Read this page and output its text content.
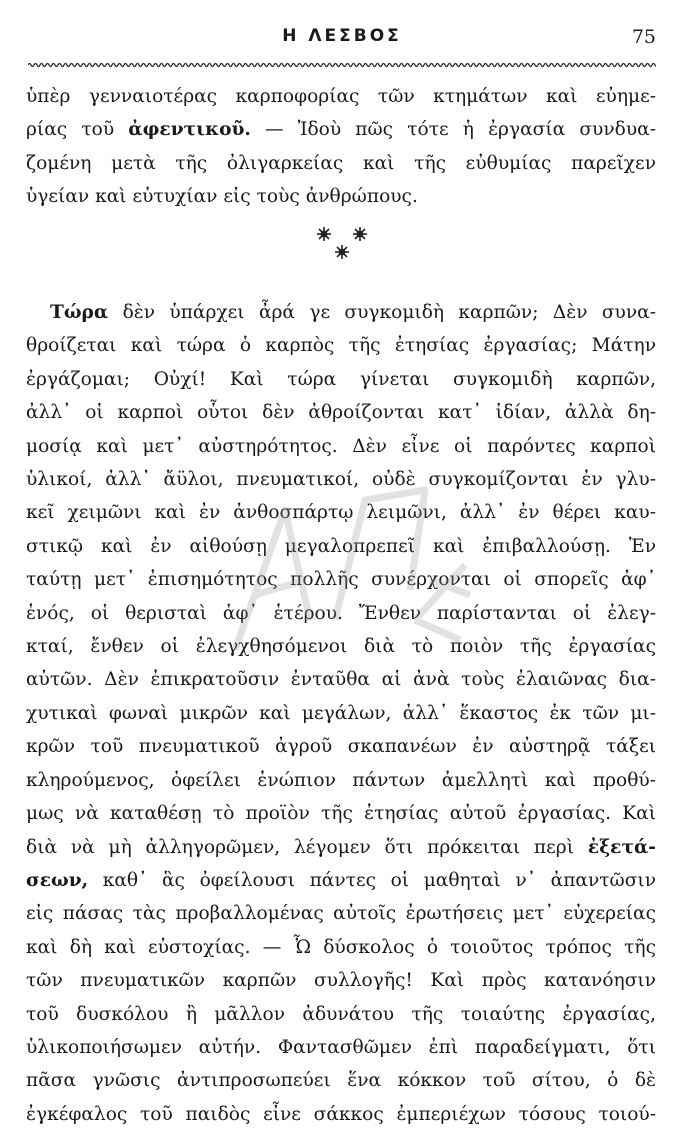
Η ΛΕΣΒΟΣ	75

ὑπὲρ γενναιοτέρας καρποφορίας τῶν κτημάτων καὶ εὐημε-
ρίας τοῦ ἀφεντικοῦ. — Ἰδοὺ πῶς τότε ἡ ἐργασία συνδυα-
ζομένη μετὰ τῆς ὀλιγαρκείας καὶ τῆς εὐθυμίας παρεῖχεν
ὑγείαν καὶ εὐτυχίαν εἰς τοὺς ἀνθρώπους.

Τώρα δὲν ὑπάρχει ἆρά γε συγκομιδὴ καρπῶν; Δὲν συνα-
θροίζεται καὶ τώρα ὁ καρπὸς τῆς ἐτησίας ἐργασίας; Μάτην
ἐργάζομαι; Οὐχί! Καὶ τώρα γίνεται συγκομιδὴ καρπῶν,
ἀλλ᾽ οἱ καρποὶ οὗτοι δὲν ἀθροίζονται κατ᾽ ἰδίαν, ἀλλὰ δη-
μοσίᾳ καὶ μετ᾽ αὐστηρότητος. Δὲν εἶνε οἱ παρόντες καρποὶ
ὑλικοί, ἀλλ᾽ ἄϋλοι, πνευματικοί, οὐδὲ συγκομίζονται ἐν γλυ-
κεῖ χειμῶνι καὶ ἐν ἀνθοσπάρτῳ λειμῶνι, ἀλλ᾽ ἐν θέρει καυ-
στικῷ καὶ ἐν αἰθούσῃ μεγαλοπρεπεῖ καὶ ἐπιβαλλούσῃ. Ἐν
ταύτῃ μετ᾽ ἐπισημότητος πολλῆς συνέρχονται οἱ σπορεῖς ἀφ᾽
ἑνός, οἱ θερισταὶ ἀφ᾽ ἑτέρου. Ἔνθεν παρίστανται οἱ ἐλεγ-
κταί, ἔνθεν οἱ ἐλεγχθησόμενοι διὰ τὸ ποιὸν τῆς ἐργασίας
αὐτῶν. Δὲν ἐπικρατοῦσιν ἐνταῦθα αἱ ἀνὰ τοὺς ἐλαιῶνας δια-
χυτικαὶ φωναὶ μικρῶν καὶ μεγάλων, ἀλλ᾽ ἕκαστος ἐκ τῶν μι-
κρῶν τοῦ πνευματικοῦ ἀγροῦ σκαπανέων ἐν αὐστηρᾷ τάξει
κληρούμενος, ὀφείλει ἐνώπιον πάντων ἀμελλητὶ καὶ προθύ-
μως νὰ καταθέσῃ τὸ προϊὸν τῆς ἐτησίας αὐτοῦ ἐργασίας. Καὶ
διὰ νὰ μὴ ἀλληγορῶμεν, λέγομεν ὅτι πρόκειται περὶ ἐξετά-
σεων, καθ᾽ ἃς ὀφείλουσι πάντες οἱ μαθηταὶ ν᾽ ἀπαντῶσιν
εἰς πάσας τὰς προβαλλομένας αὐτοῖς ἐρωτήσεις μετ᾽ εὐχερείας
καὶ δὴ καὶ εὐστοχίας. — Ὦ δύσκολος ὁ τοιοῦτος τρόπος τῆς
τῶν πνευματικῶν καρπῶν συλλογῆς! Καὶ πρὸς κατανόησιν
τοῦ δυσκόλου ἢ μᾶλλον ἀδυνάτου τῆς τοιαύτης ἐργασίας,
ὑλικοποιήσωμεν αὐτήν. Φαντασθῶμεν ἐπὶ παραδείγματι, ὅτι
πᾶσα γνῶσις ἀντιπροσωπεύει ἕνα κόκκον τοῦ σίτου, ὁ δὲ
ἐγκέφαλος τοῦ παιδὸς εἶνε σάκκος ἐμπεριέχων τόσους τοιού-
